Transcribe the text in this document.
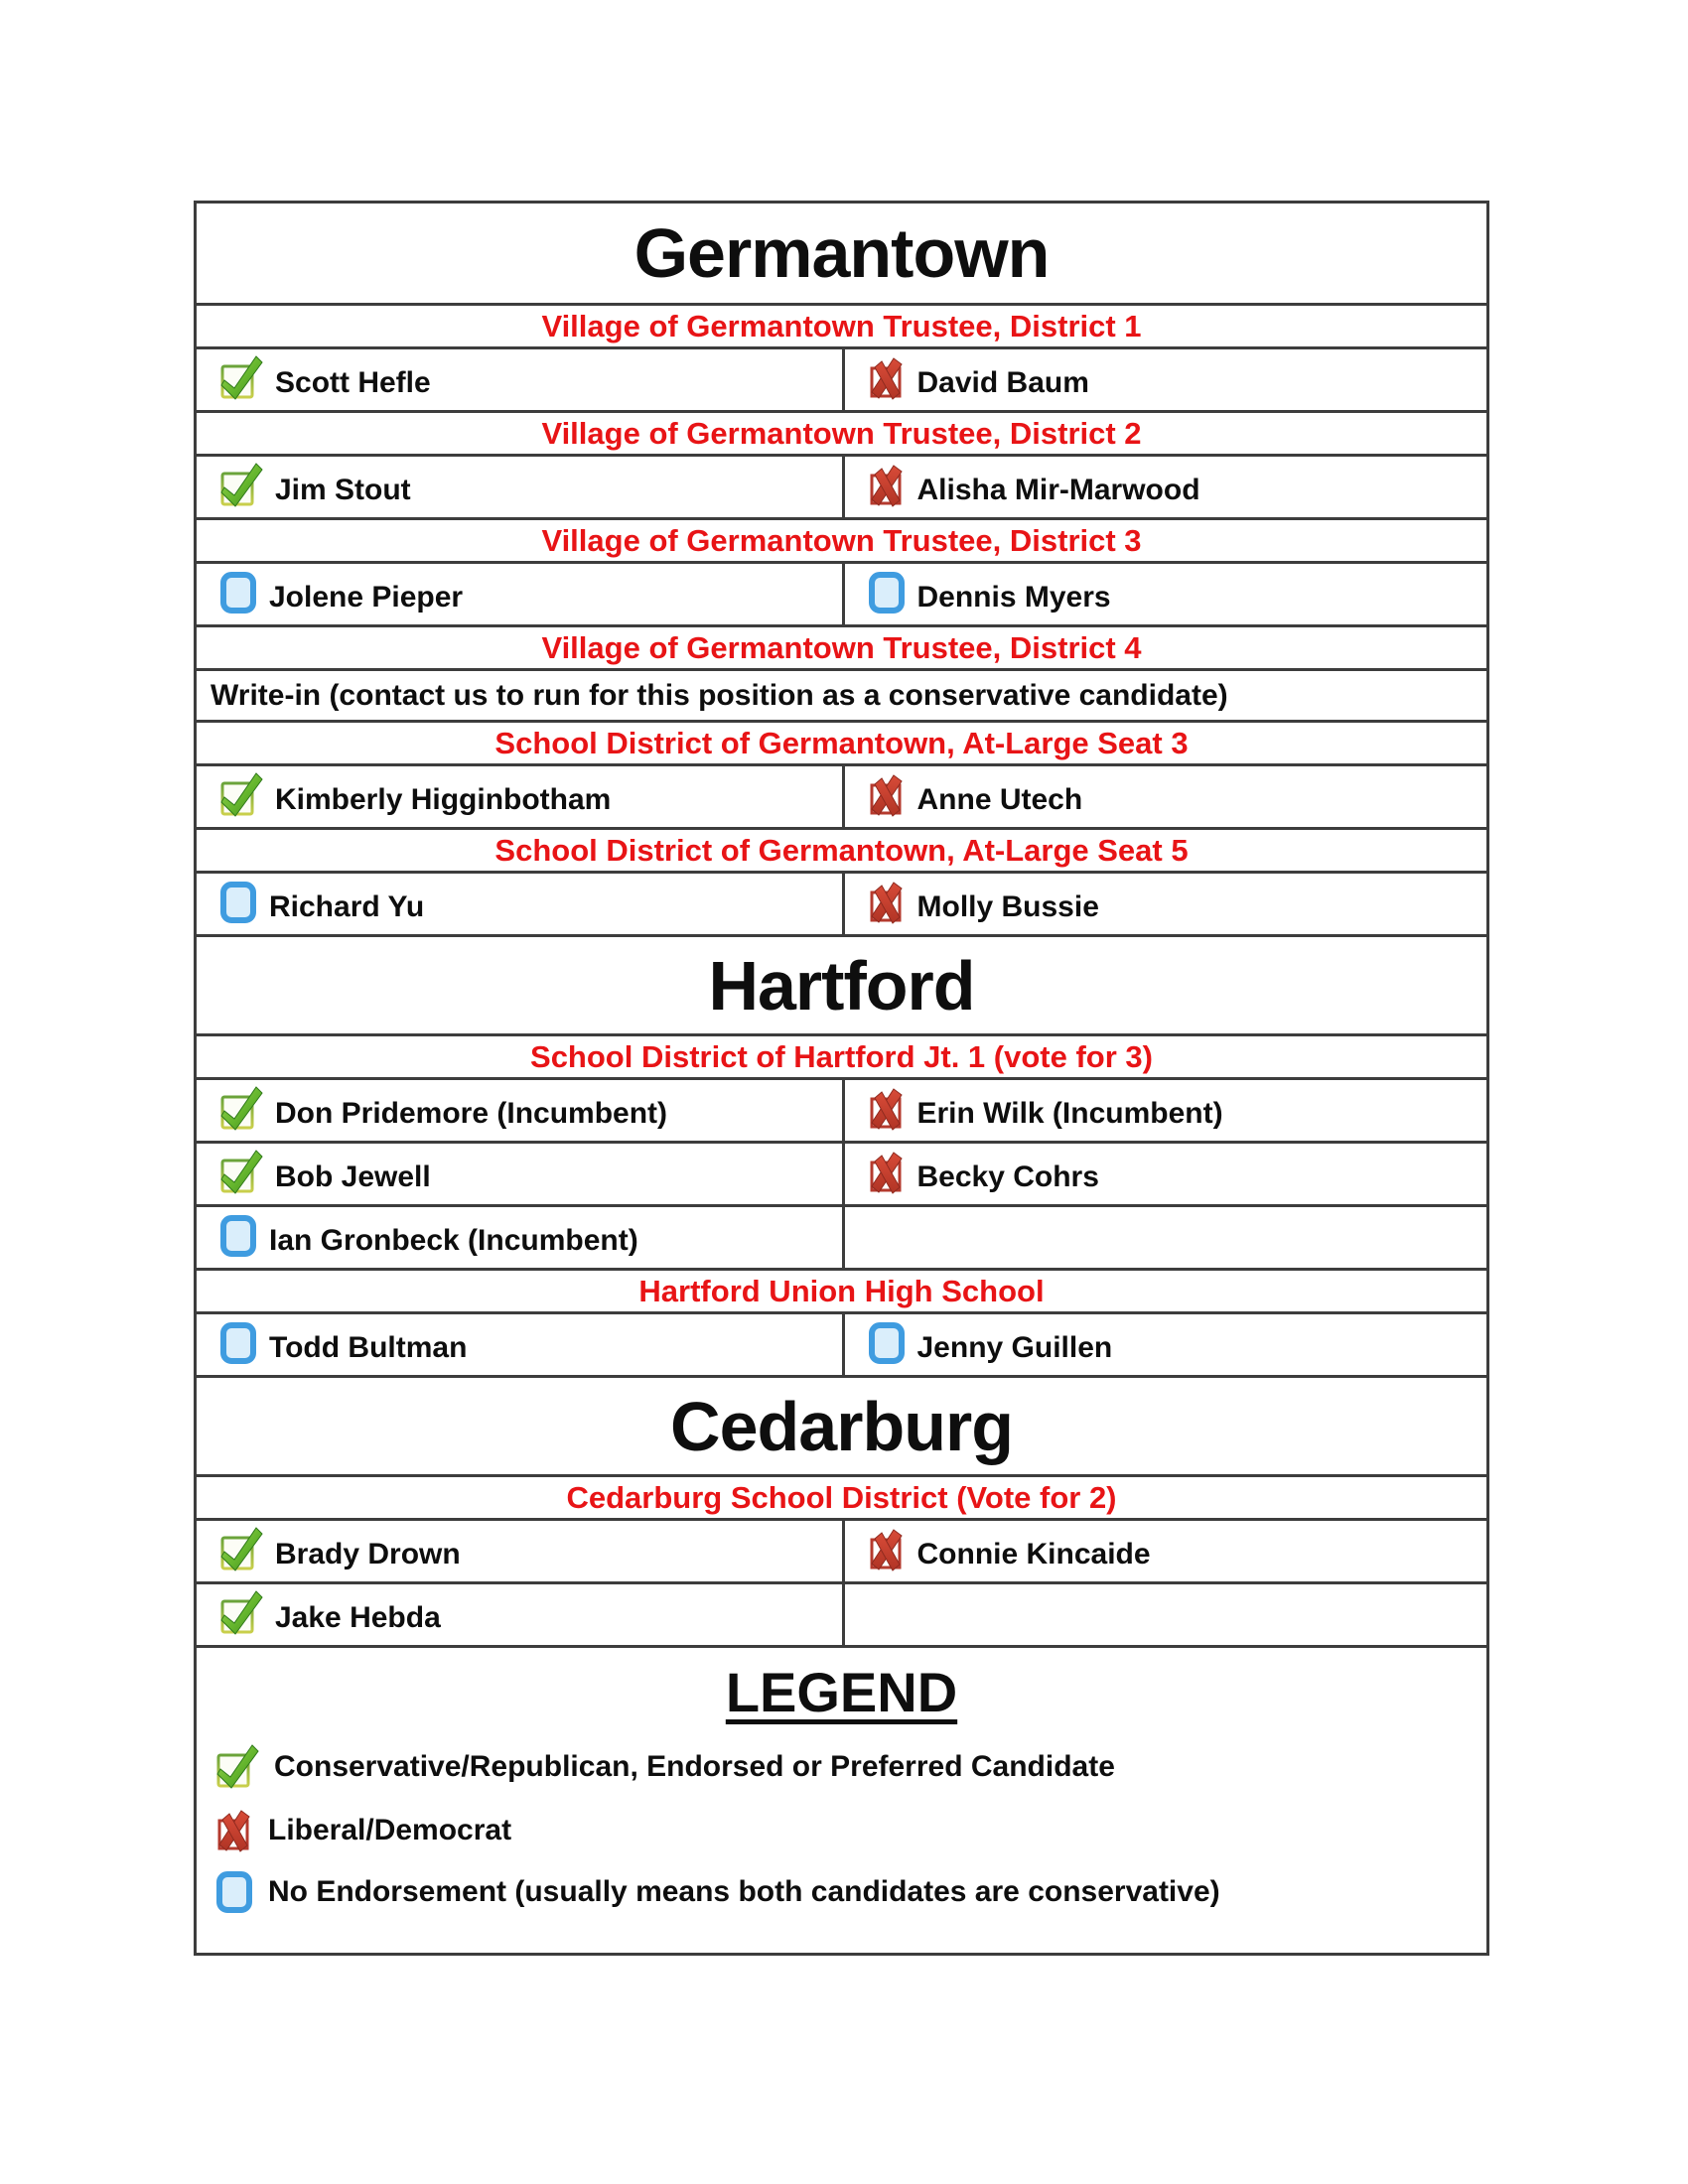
Germantown
Village of Germantown Trustee, District 1
Scott Hefle	David Baum
Village of Germantown Trustee, District 2
Jim Stout	Alisha Mir-Marwood
Village of Germantown Trustee, District 3
Jolene Pieper	Dennis Myers
Village of Germantown Trustee, District 4
Write-in (contact us to run for this position as a conservative candidate)
School District of Germantown, At-Large Seat 3
Kimberly Higginbotham	Anne Utech
School District of Germantown, At-Large Seat 5
Richard Yu	Molly Bussie
Hartford
School District of Hartford Jt. 1 (vote for 3)
Don Pridemore (Incumbent)	Erin Wilk (Incumbent)
Bob Jewell	Becky Cohrs
Ian Gronbeck (Incumbent)
Hartford Union High School
Todd Bultman	Jenny Guillen
Cedarburg
Cedarburg School District (Vote for 2)
Brady Drown	Connie Kincaide
Jake Hebda
LEGEND
Conservative/Republican, Endorsed or Preferred Candidate
Liberal/Democrat
No Endorsement (usually means both candidates are conservative)
